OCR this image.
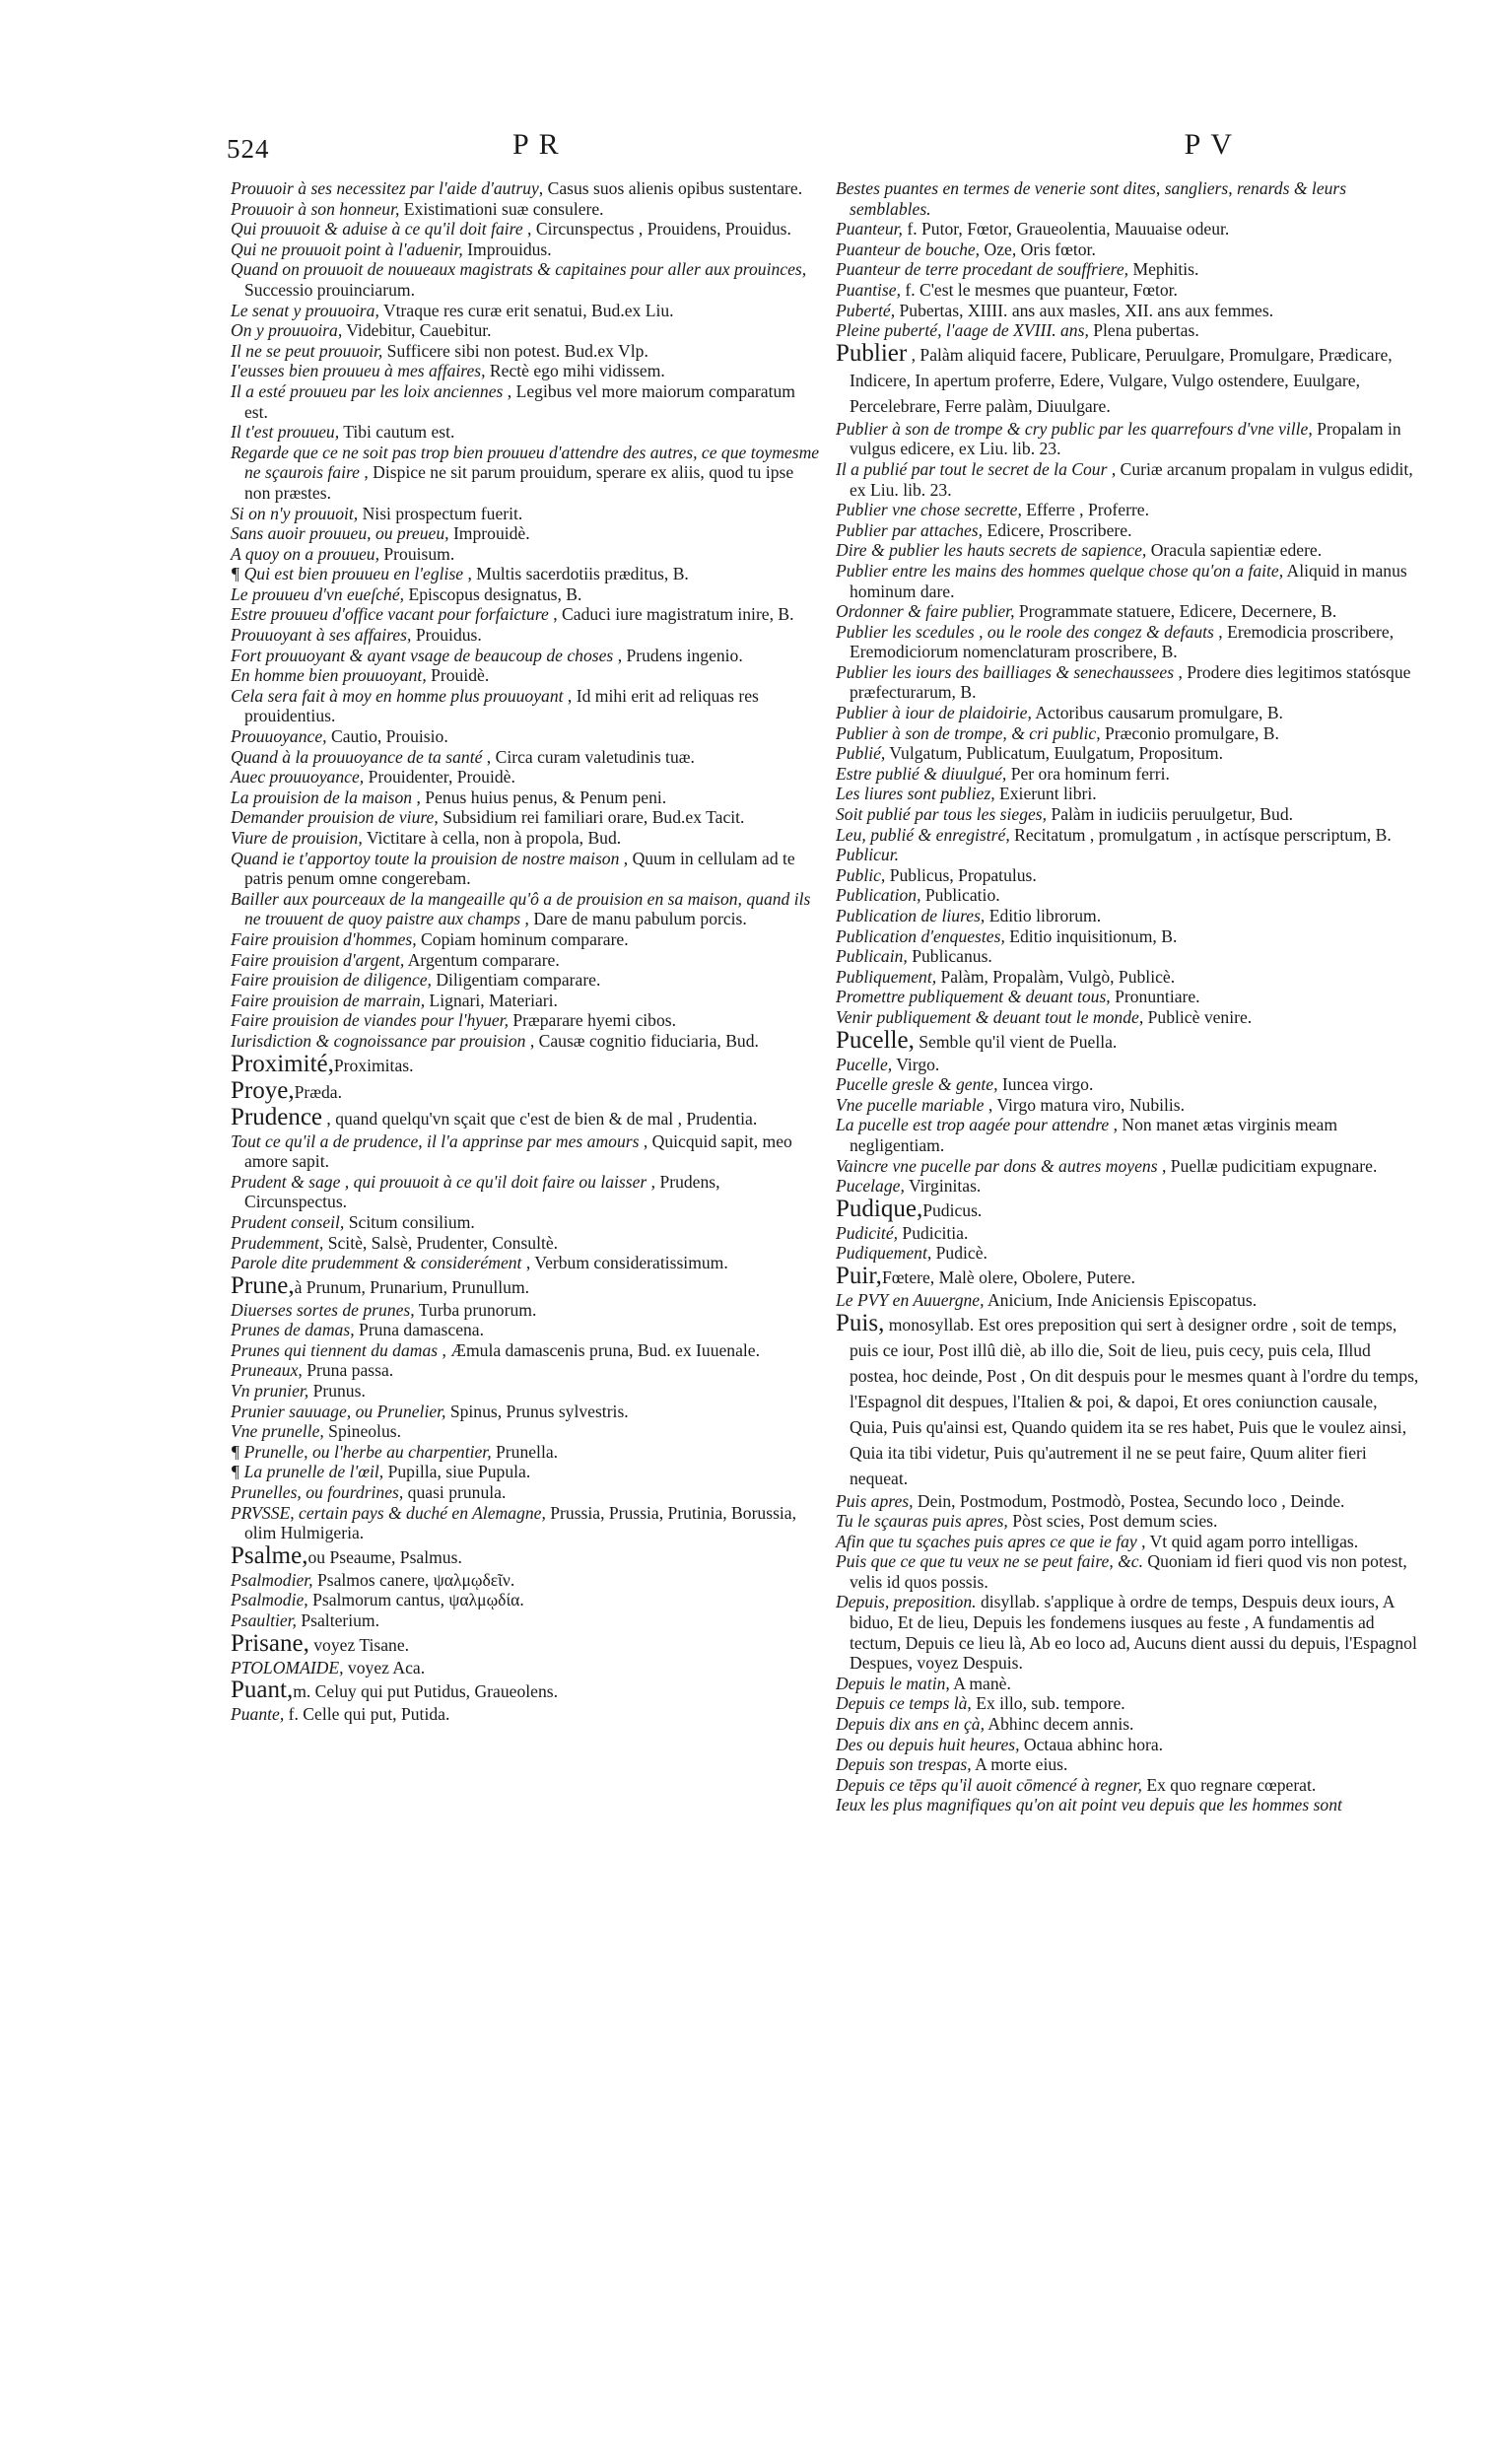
524	PR	PV

Prouuoir à ses necessitez par l'aide d'autruy, Casus suos alienis opibus sustentare.

Prouuoir à son honneur, Existimationi suæ consulere.

Qui prouuoit & aduise à ce qu'il doit faire , Circunspectus , Prouidens, Prouidus.

Qui ne prouuoit point à l'aduenir, Improuidus.

Quand on prouuoit de nouueaux magistrats & capitaines pour aller aux prouinces, Successio prouinciarum.

Le senat y prouuoira, Vtraque res curæ erit senatui, Bud.ex Liu.

On y prouuoira, Videbitur, Cauebitur.

Il ne se peut prouuoir, Sufficere sibi non potest. Bud.ex Vlp.

I'eusses bien prouueu à mes affaires, Rectè ego mihi vidissem.

Il a esté prouueu par les loix anciennes , Legibus vel more maiorum comparatum est.

Il t'est prouueu, Tibi cautum est.

Regarde que ce ne soit pas trop bien prouueu d'attendre des autres, ce que toymesme ne sçaurois faire , Dispice ne sit parum prouidum, sperare ex aliis, quod tu ipse non præstes.

Si on n'y prouuoit, Nisi prospectum fuerit.

Sans auoir prouueu, ou preueu, Improuidè.

A quoy on a prouueu, Prouisum.

¶ Qui est bien prouueu en l'eglise , Multis sacerdotiis præditus, B.

Le prouueu d'vn eueſché, Episcopus designatus, B.

Estre prouueu d'office vacant pour forfaicture , Caduci iure magistratum inire, B.

Prouuoyant à ses affaires, Prouidus.

Fort prouuoyant & ayant vsage de beaucoup de choses , Prudens ingenio.

En homme bien prouuoyant, Prouidè.

Cela sera fait à moy en homme plus prouuoyant , Id mihi erit ad reliquas res prouidentius.

Prouuoyance, Cautio, Prouisio.

Quand à la prouuoyance de ta santé , Circa curam valetudinis tuæ.

Auec prouuoyance, Prouidenter, Prouidè.

La prouision de la maison , Penus huius penus, & Penum peni.

Demander prouision de viure, Subsidium rei familiari orare, Bud.ex Tacit.

Viure de prouision, Victitare à cella, non à propola, Bud.

Quand ie t'apportoy toute la prouision de nostre maison , Quum in cellulam ad te patris penum omne congerebam.

Bailler aux pourceaux de la mangeaille qu'ô a de prouision en sa maison, quand ils ne trouuent de quoy paistre aux champs , Dare de manu pabulum porcis.

Faire prouision d'hommes, Copiam hominum comparare.

Faire prouision d'argent, Argentum comparare.

Faire prouision de diligence, Diligentiam comparare.

Faire prouision de marrain, Lignari, Materiari.

Faire prouision de viandes pour l'hyuer, Præparare hyemi cibos.

Iurisdiction & cognoissance par prouision , Causæ cognitio fiduciaria, Bud.

Proximité,Proximitas.

Proye,Præda.

Prudence , quand quelqu'vn sçait que c'est de bien & de mal , Prudentia.

Tout ce qu'il a de prudence, il l'a apprinse par mes amours , Quicquid sapit, meo amore sapit.

Prudent & sage , qui prouuoit à ce qu'il doit faire ou laisser , Prudens, Circunspectus.

Prudent conseil, Scitum consilium.

Prudemment, Scitè, Salsè, Prudenter, Consultè.

Parole dite prudemment & considerément , Verbum consideratissimum.

Prune,à Prunum, Prunarium, Prunullum.

Diuerses sortes de prunes, Turba prunorum.

Prunes de damas, Pruna damascena.

Prunes qui tiennent du damas , Æmula damascenis pruna, Bud. ex Iuuenale.

Pruneaux, Pruna passa.

Vn prunier, Prunus.

Prunier sauuage, ou Prunelier, Spinus, Prunus sylvestris.

Vne prunelle, Spineolus.

¶ Prunelle, ou l'herbe au charpentier, Prunella.

¶ La prunelle de l'œil, Pupilla, siue Pupula.

Prunelles, ou fourdrines, quasi prunula.

PRVSSE, certain pays & duché en Alemagne, Prussia, Prussia, Prutinia, Borussia, olim Hulmigeria.

Psalme,ou Pseaume, Psalmus.

Psalmodier, Psalmos canere, ψαλμῳδεῖν.

Psalmodie, Psalmorum cantus, ψαλμῳδία.

Psaultier, Psalterium.

Prisane, voyez Tisane.

PTOLOMAIDE, voyez Aca.

Puant,m. Celuy qui put Putidus, Graueolens.

Puante, f. Celle qui put, Putida.

Bestes puantes en termes de venerie sont dites, sangliers, renards & leurs semblables.

Puanteur, f. Putor, Fœtor, Graueolentia, Mauuaise odeur.

Puanteur de bouche, Oze, Oris fœtor.

Puanteur de terre procedant de souffriere, Mephitis.

Puantise, f. C'est le mesmes que puanteur, Fœtor.

Puberté, Pubertas, XIIII. ans aux masles, XII. ans aux femmes.

Pleine puberté, l'aage de XVIII. ans, Plena pubertas.

Publier , Palàm aliquid facere, Publicare, Peruulgare, Promulgare, Prædicare, Indicere, In apertum proferre, Edere, Vulgare, Vulgo ostendere, Euulgare, Percelebrare, Ferre palàm, Diuulgare.

Publier à son de trompe & cry public par les quarrefours d'vne ville, Propalam in vulgus edicere, ex Liu. lib. 23.

Il a publié par tout le secret de la Cour , Curiæ arcanum propalam in vulgus edidit, ex Liu. lib. 23.

Publier vne chose secrette, Efferre , Proferre.

Publier par attaches, Edicere, Proscribere.

Dire & publier les hauts secrets de sapience, Oracula sapientiæ edere.

Publier entre les mains des hommes quelque chose qu'on a faite, Aliquid in manus hominum dare.

Ordonner & faire publier, Programmate statuere, Edicere, Decernere, B.

Publier les scedules , ou le roole des congez & defauts , Eremodicia proscribere, Eremodiciorum nomenclaturam proscribere, B.

Publier les iours des bailliages & senechaussees , Prodere dies legitimos statósque præfecturarum, B.

Publier à iour de plaidoirie, Actoribus causarum promulgare, B.

Publier à son de trompe, & cri public, Præconio promulgare, B.

Publié, Vulgatum, Publicatum, Euulgatum, Propositum.

Estre publié & diuulgué, Per ora hominum ferri.

Les liures sont publiez, Exierunt libri.

Soit publié par tous les sieges, Palàm in iudiciis peruulgetur, Bud.

Leu, publié & enregistré, Recitatum , promulgatum , in actísque perscriptum, B.

Publicur.

Public, Publicus, Propatulus.

Publication, Publicatio.

Publication de liures, Editio librorum.

Publication d'enquestes, Editio inquisitionum, B.

Publicain, Publicanus.

Publiquement, Palàm, Propalàm, Vulgò, Publicè.

Promettre publiquement & deuant tous, Pronuntiare.

Venir publiquement & deuant tout le monde, Publicè venire.

Pucelle, Semble qu'il vient de Puella.

Pucelle, Virgo.

Pucelle gresle & gente, Iuncea virgo.

Vne pucelle mariable , Virgo matura viro, Nubilis.

La pucelle est trop aagée pour attendre , Non manet ætas virginis meam negligentiam.

Vaincre vne pucelle par dons & autres moyens , Puellæ pudicitiam expugnare.

Pucelage, Virginitas.

Pudique,Pudicus.

Pudicité, Pudicitia.

Pudiquement, Pudicè.

Puir,Fœtere, Malè olere, Obolere, Putere.

Le PVY en Auuergne, Anicium, Inde Aniciensis Episcopatus.

Puis, monosyllab. Est ores preposition qui sert à designer ordre , soit de temps, puis ce iour, Post illû diè, ab illo die, Soit de lieu, puis cecy, puis cela, Illud postea, hoc deinde, Post , On dit despuis pour le mesmes quant à l'ordre du temps, l'Espagnol dit despues, l'Italien & poi, & dapoi, Et ores coniunction causale, Quia, Puis qu'ainsi est, Quando quidem ita se res habet, Puis que le voulez ainsi, Quia ita tibi videtur, Puis qu'autrement il ne se peut faire, Quum aliter fieri nequeat.

Puis apres, Dein, Postmodum, Postmodò, Postea, Secundo loco , Deinde.

Tu le sçauras puis apres, Pòst scies, Post demum scies.

Afin que tu sçaches puis apres ce que ie fay , Vt quid agam porro intelligas.

Puis que ce que tu veux ne se peut faire, &c. Quoniam id fieri quod vis non potest, velis id quos possis.

Depuis, preposition. disyllab. s'applique à ordre de temps, Despuis deux iours, A biduo, Et de lieu, Depuis les fondemens iusques au feste , A fundamentis ad tectum, Depuis ce lieu là, Ab eo loco ad, Aucuns dient aussi du depuis, l'Espagnol Despues, voyez Despuis.

Depuis le matin, A manè.

Depuis ce temps là, Ex illo, sub. tempore.

Depuis dix ans en çà, Abhinc decem annis.

Des ou depuis huit heures, Octaua abhinc hora.

Depuis son trespas, A morte eius.

Depuis ce tēps qu'il auoit cōmencé à regner, Ex quo regnare cœperat.

Ieux les plus magnifiques qu'on ait point veu depuis que les hommes sont
